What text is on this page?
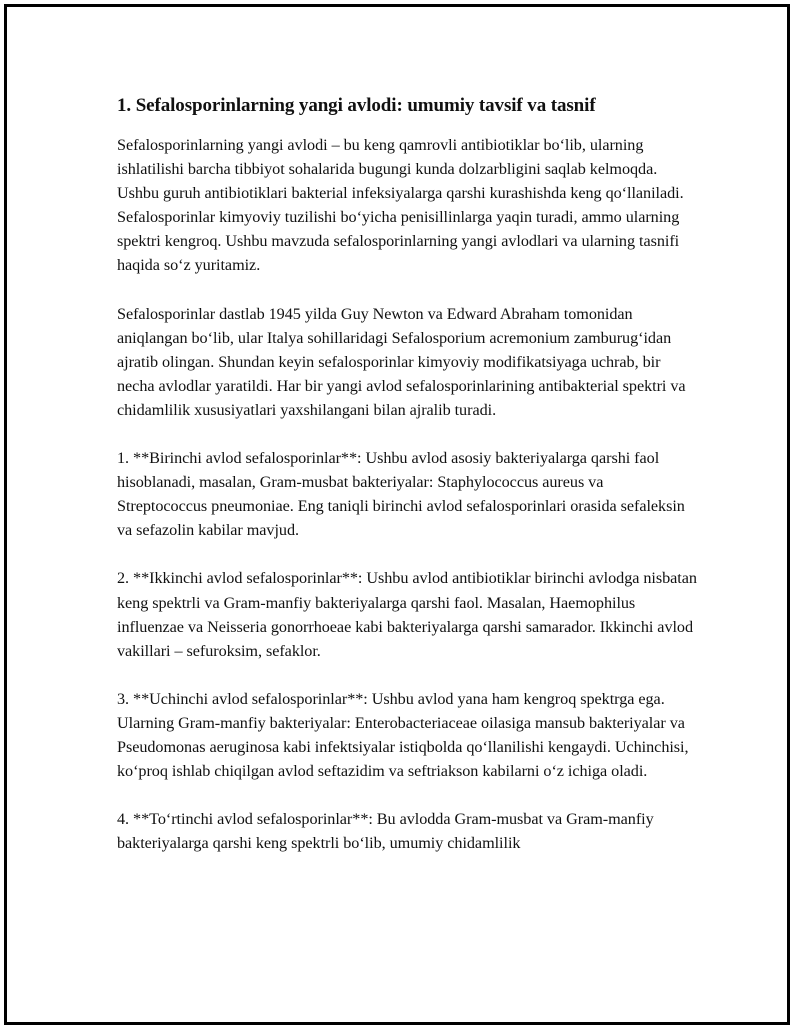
1. Sefalosporinlarning yangi avlodi: umumiy tavsif va tasnif

Sefalosporinlarning yangi avlodi – bu keng qamrovli antibiotiklar bo‘lib, ularning ishlatilishi barcha tibbiyot sohalarida bugungi kunda dolzarbligini saqlab kelmoqda. Ushbu guruh antibiotiklari bakterial infeksiyalarga qarshi kurashishda keng qo‘llaniladi. Sefalosporinlar kimyoviy tuzilishi bo‘yicha penisillinlarga yaqin turadi, ammo ularning spektri kengroq. Ushbu mavzuda sefalosporinlarning yangi avlodlari va ularning tasnifi haqida so‘z yuritamiz.

Sefalosporinlar dastlab 1945 yilda Guy Newton va Edward Abraham tomonidan aniqlangan bo‘lib, ular Italya sohillaridagi Sefalosporium acremonium zamburug‘idan ajratib olingan. Shundan keyin sefalosporinlar kimyoviy modifikatsiyaga uchrab, bir necha avlodlar yaratildi. Har bir yangi avlod sefalosporinlarining antibakterial spektri va chidamlilik xususiyatlari yaxshilangani bilan ajralib turadi.

1. **Birinchi avlod sefalosporinlar**: Ushbu avlod asosiy bakteriyalarga qarshi faol hisoblanadi, masalan, Gram-musbat bakteriyalar: Staphylococcus aureus va Streptococcus pneumoniae. Eng taniqli birinchi avlod sefalosporinlari orasida sefaleksin va sefazolin kabilar mavjud.

2. **Ikkinchi avlod sefalosporinlar**: Ushbu avlod antibiotiklar birinchi avlodga nisbatan keng spektrli va Gram-manfiy bakteriyalarga qarshi faol. Masalan, Haemophilus influenzae va Neisseria gonorrhoeae kabi bakteriyalarga qarshi samarador. Ikkinchi avlod vakillari – sefuroksim, sefaklor.

3. **Uchinchi avlod sefalosporinlar**: Ushbu avlod yana ham kengroq spektrga ega. Ularning Gram-manfiy bakteriyalar: Enterobacteriaceae oilasiga mansub bakteriyalar va Pseudomonas aeruginosa kabi infektsiyalar istiqbolda qo‘llanilishi kengaydi. Uchinchisi, ko‘proq ishlab chiqilgan avlod seftazidim va seftriakson kabilarni o‘z ichiga oladi.

4. **To‘rtinchi avlod sefalosporinlar**: Bu avlodda Gram-musbat va Gram-manfiy bakteriyalarga qarshi keng spektrli bo‘lib, umumiy chidamlilik
